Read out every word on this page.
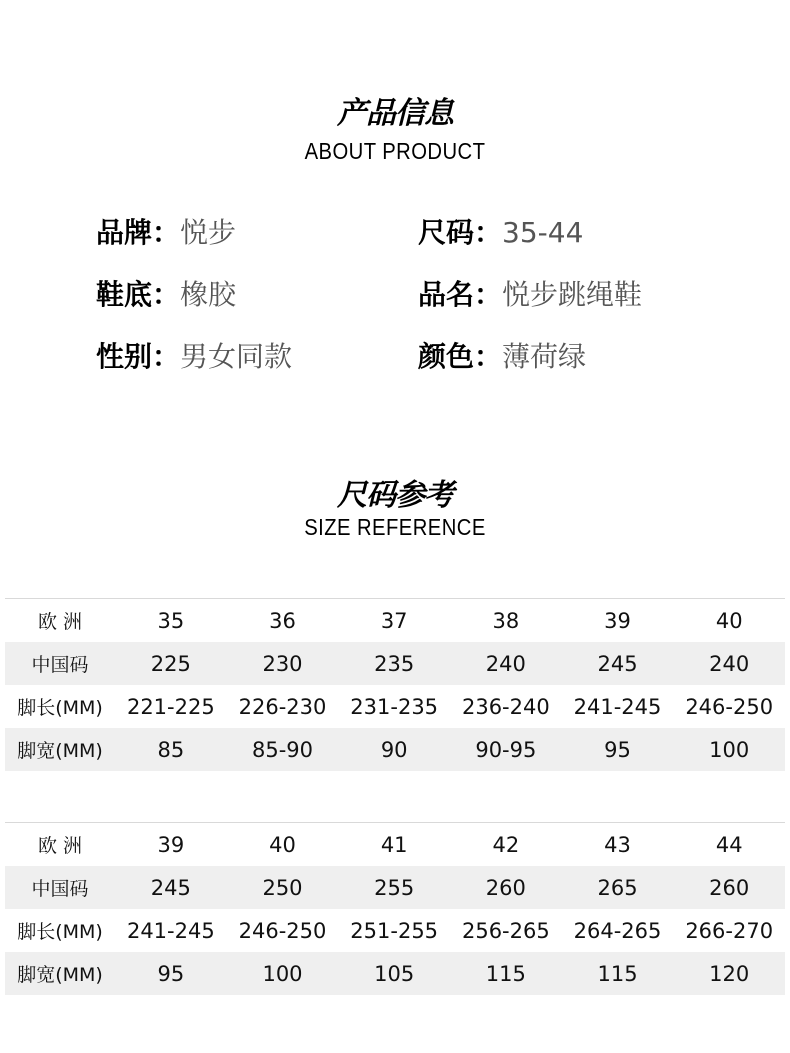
产品信息
ABOUT PRODUCT
品牌：悦步
鞋底：橡胶
性别：男女同款
尺码：35-44
品名：悦步跳绳鞋
颜色：薄荷绿
尺码参考
SIZE REFERENCE
欧 洲	35	36	37	38	39	40
中国码	225	230	235	240	245	240
脚长(MM)	221-225	226-230	231-235	236-240	241-245	246-250
脚宽(MM)	85	85-90	90	90-95	95	100
欧 洲	39	40	41	42	43	44
中国码	245	250	255	260	265	260
脚长(MM)	241-245	246-250	251-255	256-265	264-265	266-270
脚宽(MM)	95	100	105	115	115	120
